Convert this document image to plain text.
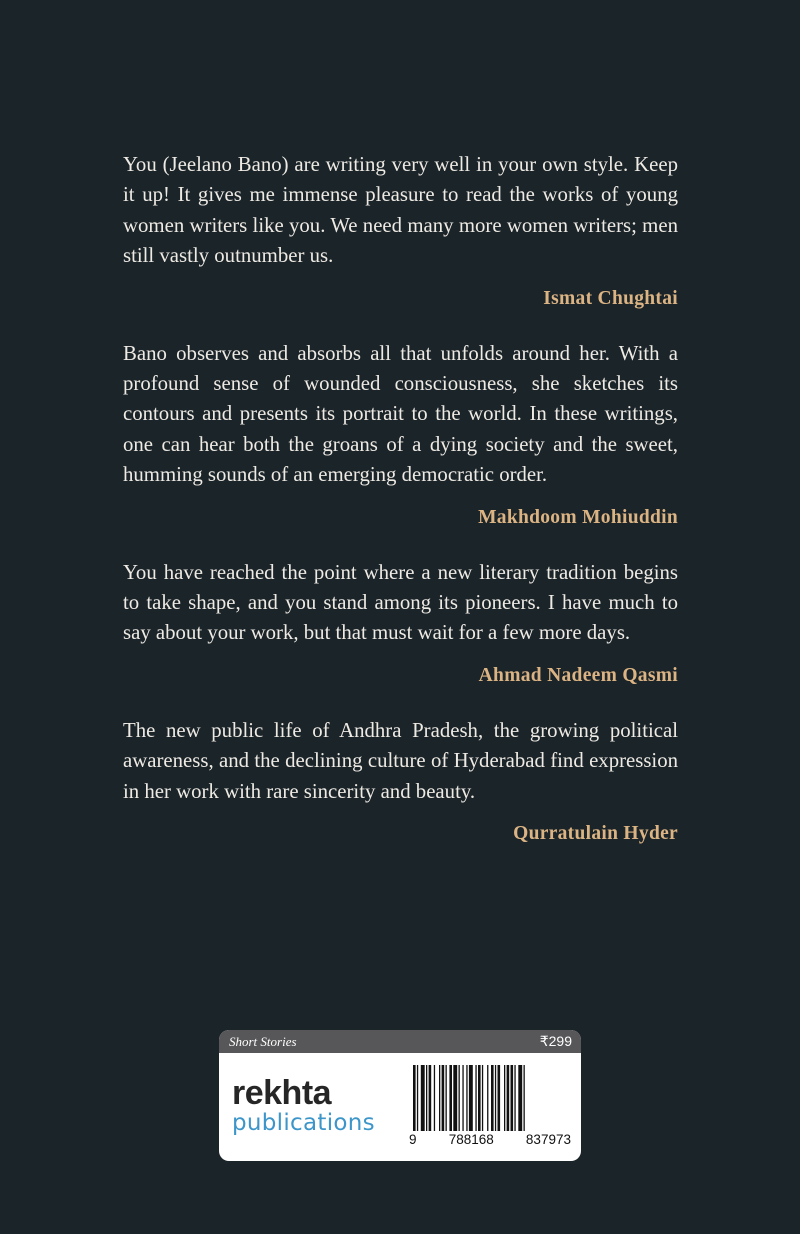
You (Jeelano Bano) are writing very well in your own style. Keep it up! It gives me immense pleasure to read the works of young women writers like you. We need many more women writers; men still vastly outnumber us.

Ismat Chughtai

Bano observes and absorbs all that unfolds around her. With a profound sense of wounded consciousness, she sketches its contours and presents its portrait to the world. In these writings, one can hear both the groans of a dying society and the sweet, humming sounds of an emerging democratic order.

Makhdoom Mohiuddin

You have reached the point where a new literary tradition begins to take shape, and you stand among its pioneers. I have much to say about your work, but that must wait for a few more days.

Ahmad Nadeem Qasmi

The new public life of Andhra Pradesh, the growing political awareness, and the declining culture of Hyderabad find expression in her work with rare sincerity and beauty.

Qurratulain Hyder
Short Stories	₹299
rekhta
publications
9 788168 837973
